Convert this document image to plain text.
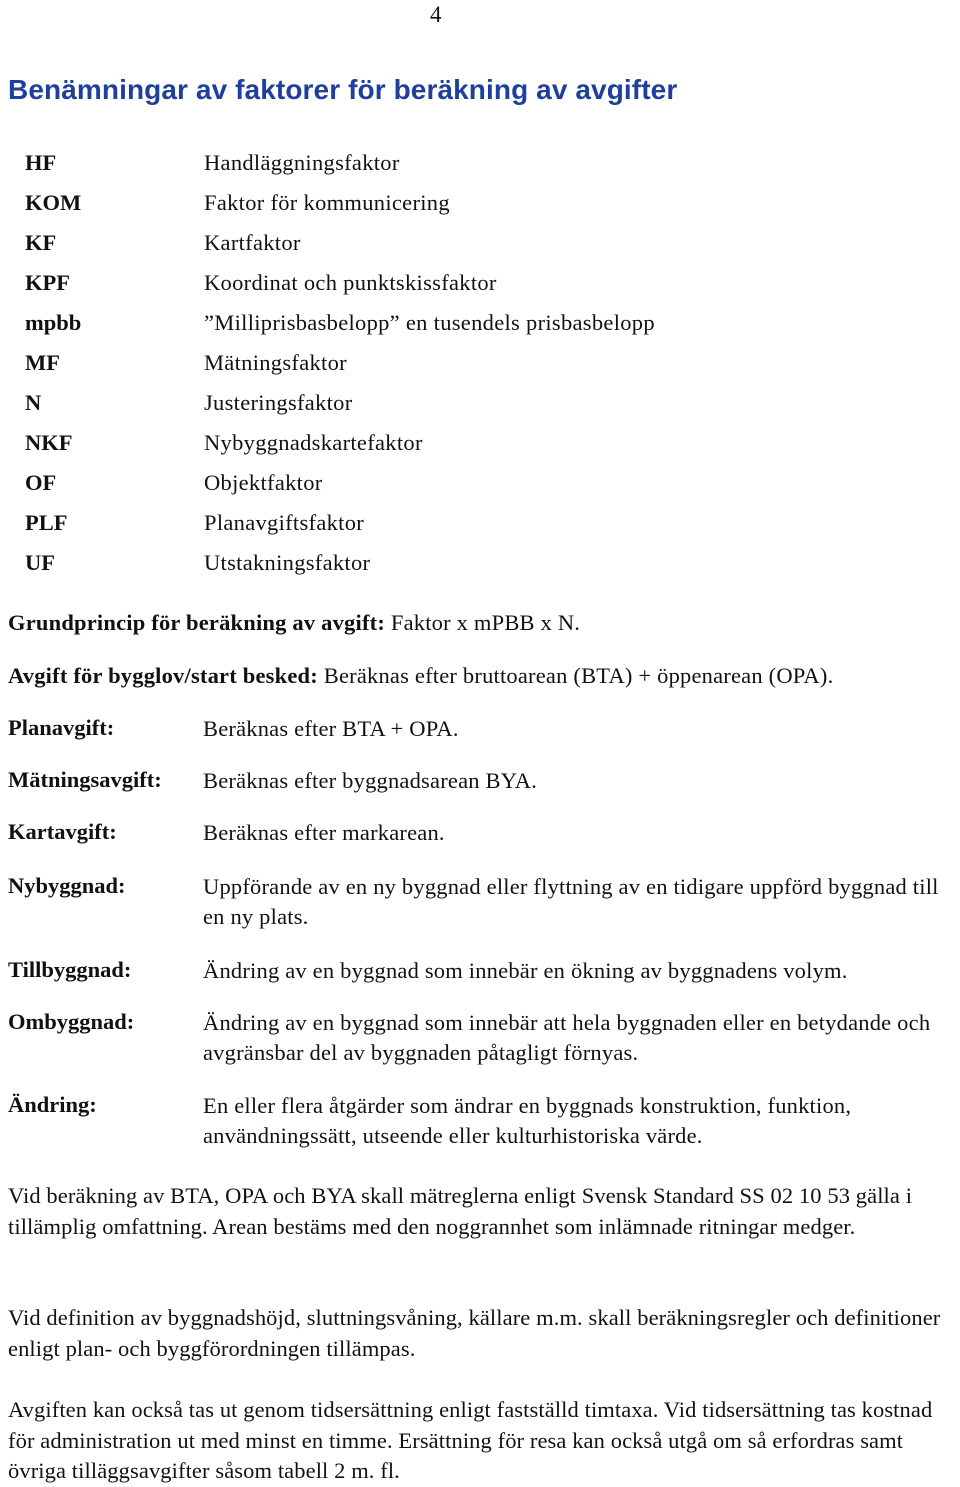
4
Benämningar av faktorer för beräkning av avgifter
HF	Handläggningsfaktor
KOM	Faktor för kommunicering
KF	Kartfaktor
KPF	Koordinat och punktskissfaktor
mpbb	”Milliprisbasbelopp” en tusendels prisbasbelopp
MF	Mätningsfaktor
N	Justeringsfaktor
NKF	Nybyggnadskartefaktor
OF	Objektfaktor
PLF	Planavgiftsfaktor
UF	Utstakningsfaktor
Grundprincip för beräkning av avgift: Faktor x mPBB x N.
Avgift för bygglov/start besked: Beräknas efter bruttoarean (BTA) + öppenarean (OPA).
Planavgift:	Beräknas efter BTA + OPA.
Mätningsavgift: Beräknas efter byggnadsarean BYA.
Kartavgift:	Beräknas efter markarean.
Nybyggnad:	Uppförande av en ny byggnad eller flyttning av en tidigare uppförd byggnad till en ny plats.
Tillbyggnad:	Ändring av en byggnad som innebär en ökning av byggnadens volym.
Ombyggnad:	Ändring av en byggnad som innebär att hela byggnaden eller en betydande och avgränsbar del av byggnaden påtagligt förnyas.
Ändring:	En eller flera åtgärder som ändrar en byggnads konstruktion, funktion, användningssätt, utseende eller kulturhistoriska värde.

Vid beräkning av BTA, OPA och BYA skall mätreglerna enligt Svensk Standard SS 02 10 53 gälla i tillämplig omfattning. Arean bestäms med den noggrannhet som inlämnade ritningar medger.

Vid definition av byggnadshöjd, sluttningsvåning, källare m.m. skall beräkningsregler och definitioner enligt plan- och byggförordningen tillämpas.

Avgiften kan också tas ut genom tidsersättning enligt fastställd timtaxa. Vid tidsersättning tas kostnad för administration ut med minst en timme. Ersättning för resa kan också utgå om så erfordras samt övriga tilläggsavgifter såsom tabell 2 m. fl.
